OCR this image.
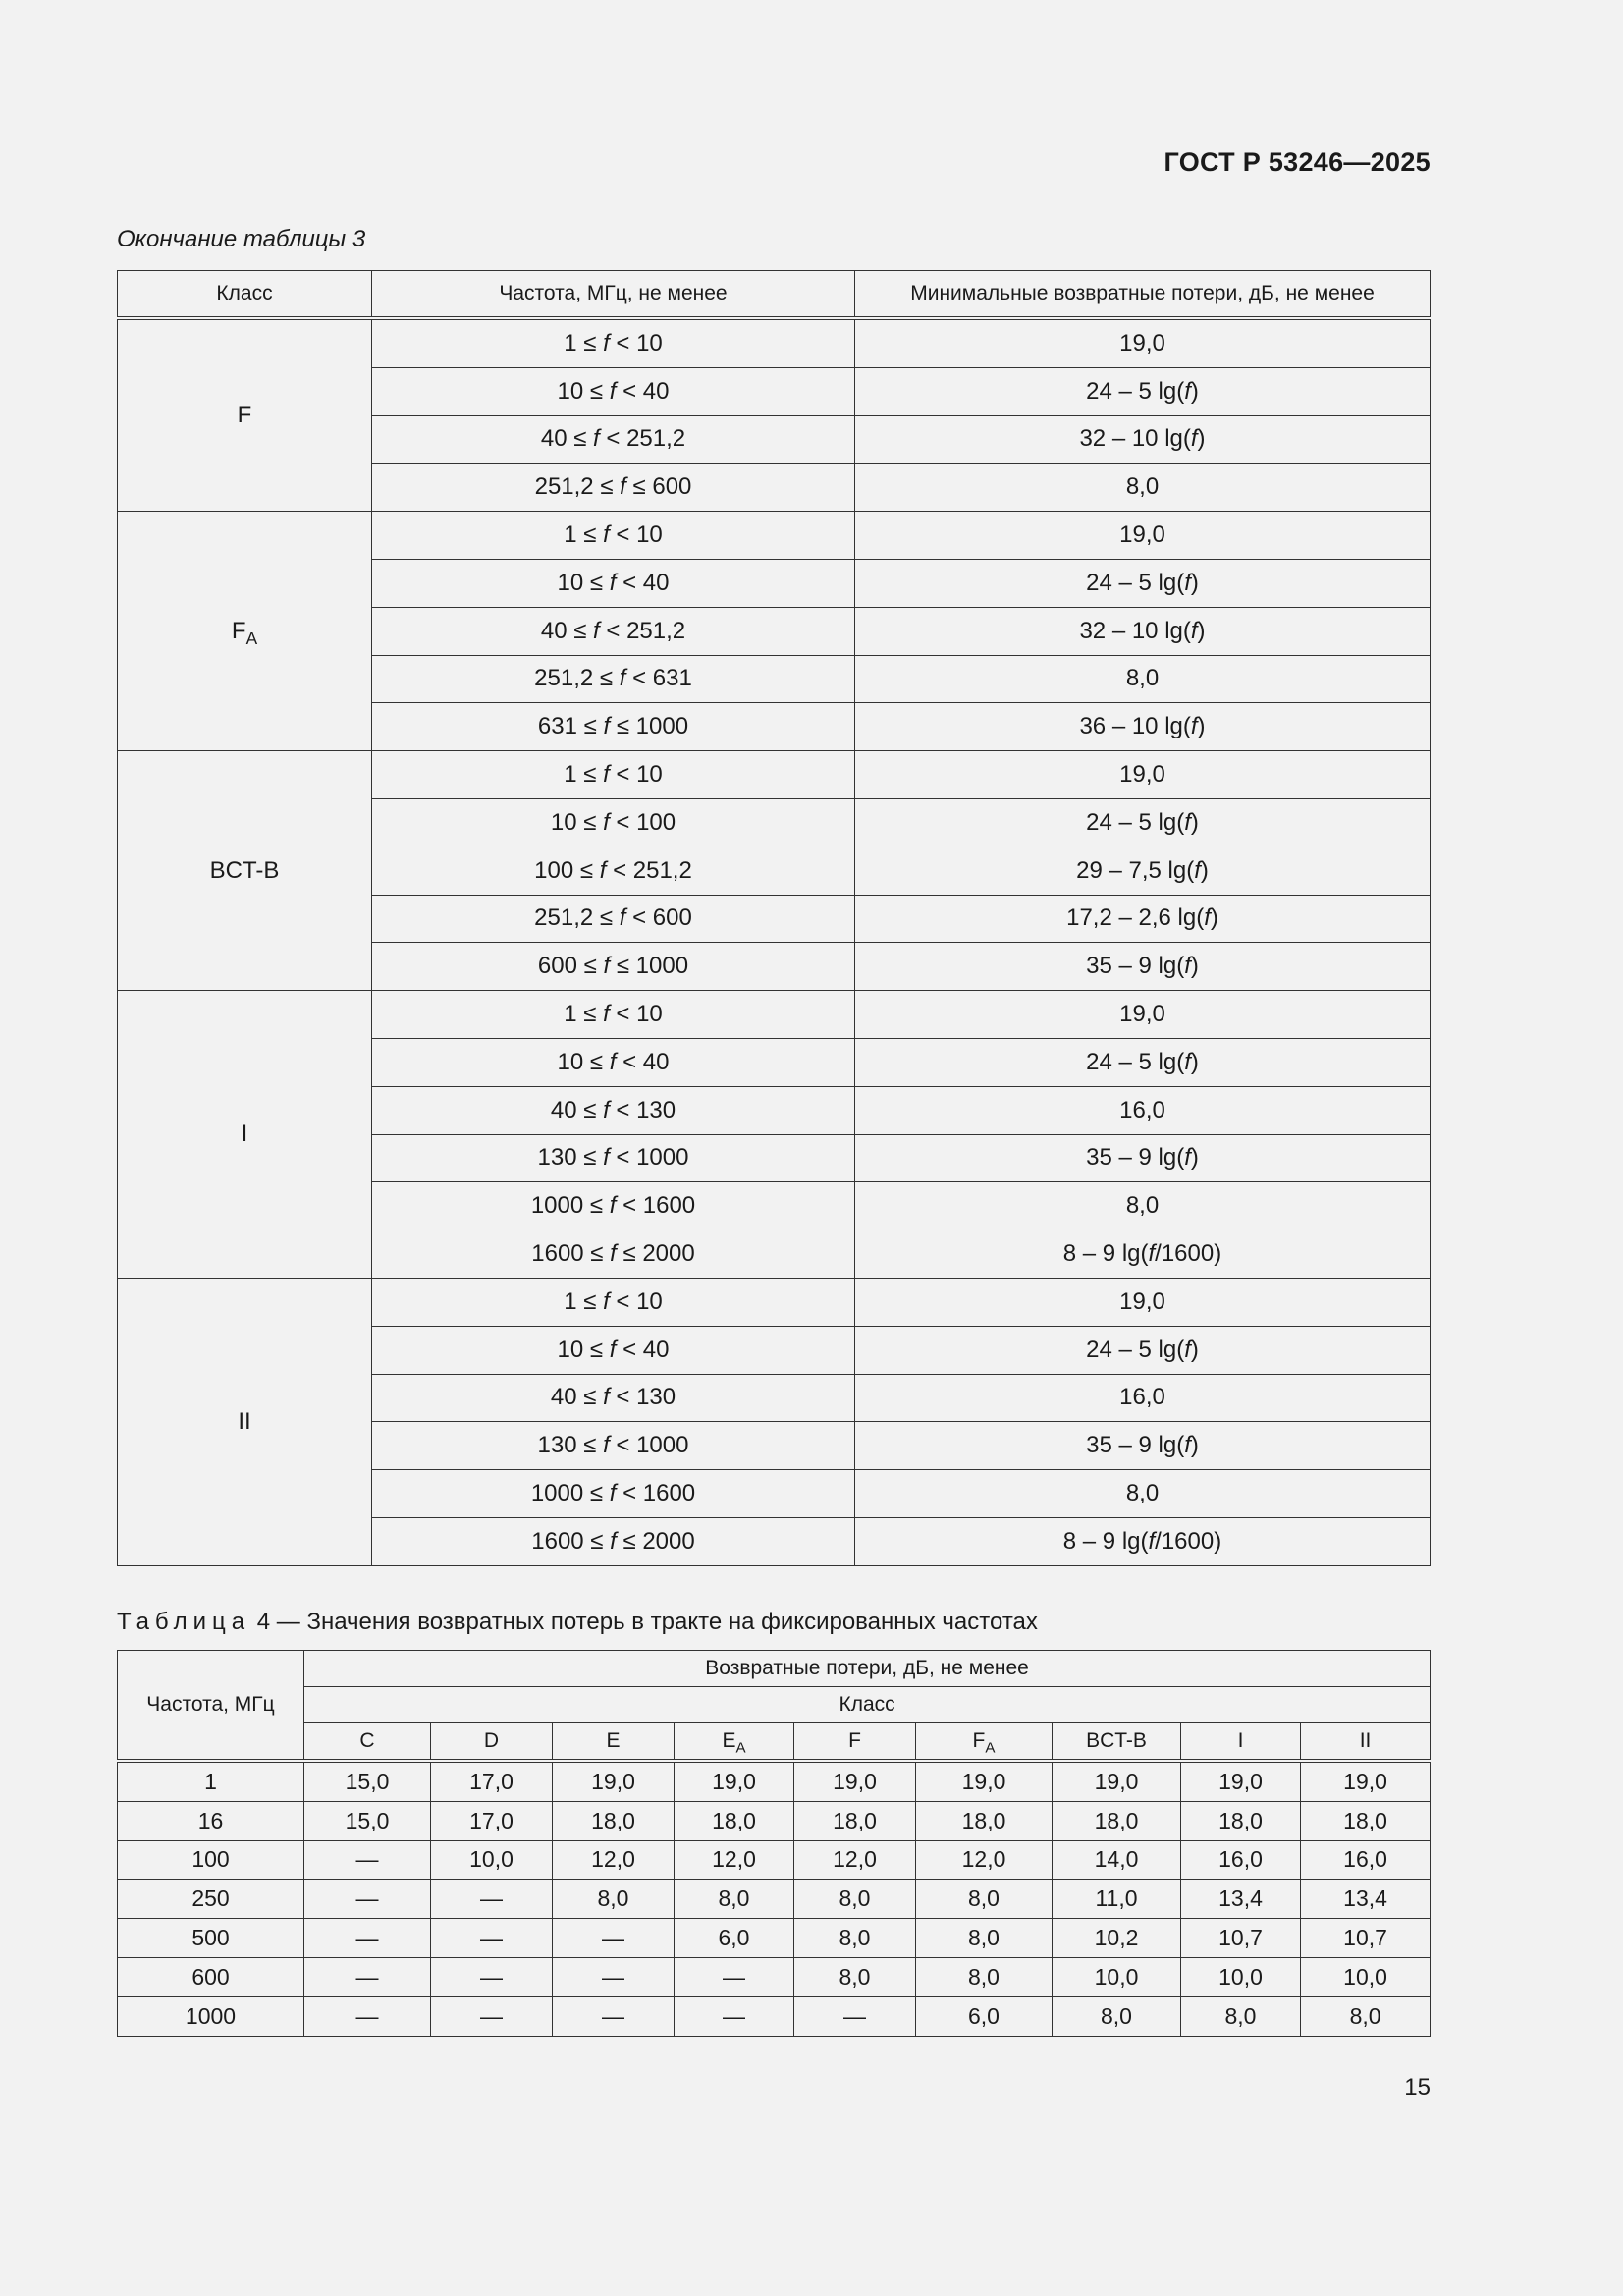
ГОСТ Р 53246—2025
Окончание таблицы 3
Класс	Частота, МГц, не менее	Минимальные возвратные потери, дБ, не менее
F	1 ≤ f < 10	19,0
	10 ≤ f < 40	24 – 5 lg(f)
	40 ≤ f < 251,2	32 – 10 lg(f)
	251,2 ≤ f ≤ 600	8,0
$F_A$	1 ≤ f < 10	19,0
	10 ≤ f < 40	24 – 5 lg(f)
	40 ≤ f < 251,2	32 – 10 lg(f)
	251,2 ≤ f < 631	8,0
	631 ≤ f ≤ 1000	36 – 10 lg(f)
BCT-B	1 ≤ f < 10	19,0
	10 ≤ f < 100	24 – 5 lg(f)
	100 ≤ f < 251,2	29 – 7,5 lg(f)
	251,2 ≤ f < 600	17,2 – 2,6 lg(f)
	600 ≤ f ≤ 1000	35 – 9 lg(f)
I	1 ≤ f < 10	19,0
	10 ≤ f < 40	24 – 5 lg(f)
	40 ≤ f < 130	16,0
	130 ≤ f < 1000	35 – 9 lg(f)
	1000 ≤ f < 1600	8,0
	1600 ≤ f ≤ 2000	8 – 9 lg(f/1600)
II	1 ≤ f < 10	19,0
	10 ≤ f < 40	24 – 5 lg(f)
	40 ≤ f < 130	16,0
	130 ≤ f < 1000	35 – 9 lg(f)
	1000 ≤ f < 1600	8,0
	1600 ≤ f ≤ 2000	8 – 9 lg(f/1600)
Таблица 4 — Значения возвратных потерь в тракте на фиксированных частотах
Частота, МГц	Возвратные потери, дБ, не менее								
	Класс								
	C	D	E	$E_A$	F	$F_A$	BCT-B	I	II
1	15,0	17,0	19,0	19,0	19,0	19,0	19,0	19,0	19,0
16	15,0	17,0	18,0	18,0	18,0	18,0	18,0	18,0	18,0
100	—	10,0	12,0	12,0	12,0	12,0	14,0	16,0	16,0
250	—	—	8,0	8,0	8,0	8,0	11,0	13,4	13,4
500	—	—	—	6,0	8,0	8,0	10,2	10,7	10,7
600	—	—	—	—	8,0	8,0	10,0	10,0	10,0
1000	—	—	—	—	—	6,0	8,0	8,0	8,0
15
